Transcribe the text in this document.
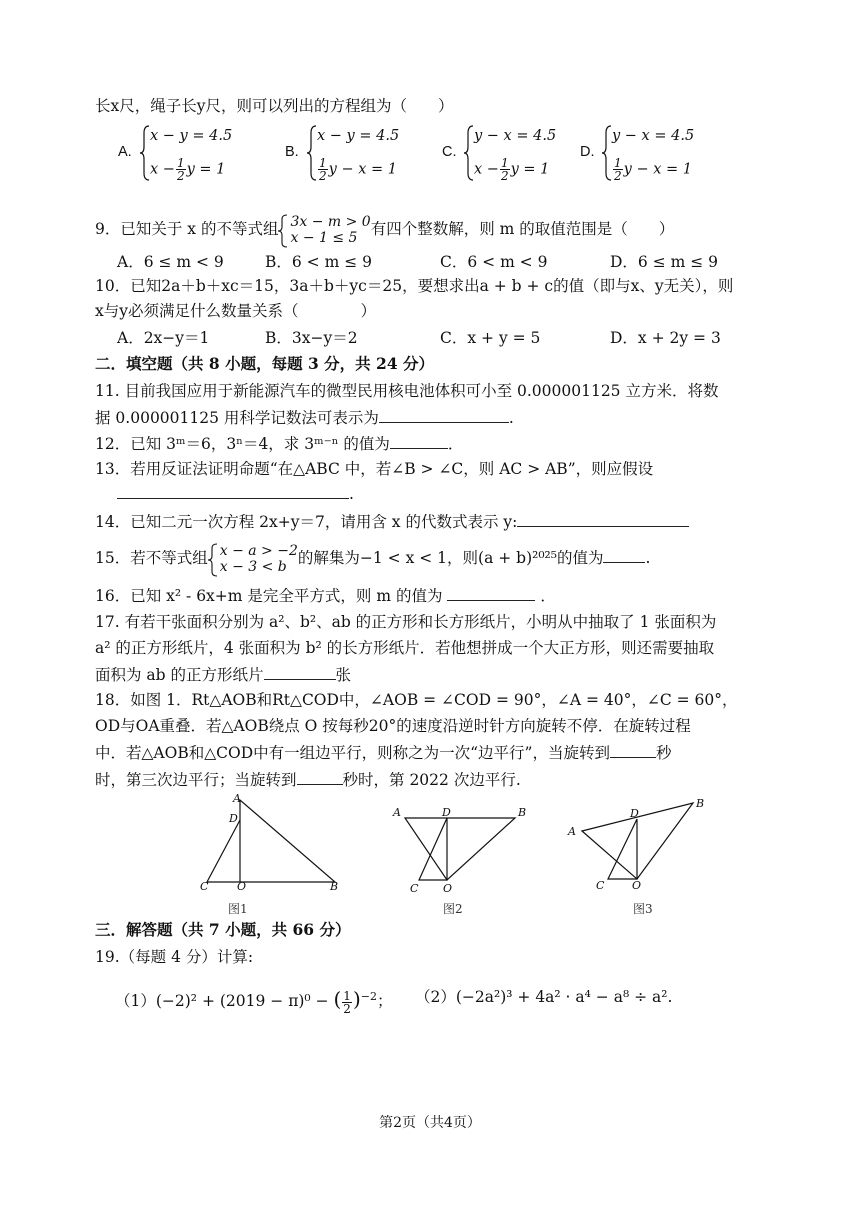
长x尺，绳子长y尺，则可以列出的方程组为（　　）
A.
x − y = 4.5
$x - \frac{1}{2}$ y = 1
B.
x − y = 4.5
$\frac{1}{2}$ y − x = 1
C.
y − x = 4.5
$x - \frac{1}{2}$ y = 1
D.
y − x = 4.5
$\frac{1}{2}$ y − x = 1
9．已知关于 x 的不等式组 3x − m > 0
x − 1 ≤ 5 有四个整数解，则 m 的取值范围是（　　）
A．6 ≤ m < 9	B．6 < m ≤ 9	C．6 < m < 9	D．6 ≤ m ≤ 9
10．已知2a＋b＋xc＝15，3a＋b＋yc＝25，要想求出a + b + c的值（即与x、y无关），则
x与y必须满足什么数量关系（　　　　）
A．2x−y＝1	B．3x−y＝2	C．x + y = 5	D．x + 2y = 3
二．填空题（共 8 小题，每题 3 分，共 24 分）
11. 目前我国应用于新能源汽车的微型民用核电池体积可小至 0.000001125 立方米．将数
据 0.000001125 用科学记数法可表示为	.
12．已知 3ᵐ＝6，3ⁿ＝4，求 3ᵐ⁻ⁿ 的值为	．
13．若用反证法证明命题“在△ABC 中，若∠B > ∠C，则 AC > AB”，则应假设
.
14．已知二元一次方程 2x+y＝7，请用含 x 的代数式表示 y:
15．若不等式组 x − a > −2
x − 3 < b 的解集为−1 < x < 1，则(a + b)²⁰²⁵的值为	.
16．已知 x² - 6x+m 是完全平方式，则 m 的值为	．
17. 有若干张面积分别为 a²、b²、ab 的正方形和长方形纸片，小明从中抽取了 1 张面积为
a² 的正方形纸片，4 张面积为 b² 的长方形纸片．若他想拼成一个大正方形，则还需要抽取
面积为 ab 的正方形纸片	张
18．如图 1．Rt△AOB和Rt△COD中，∠AOB = ∠COD = 90°，∠A = 40°，∠C = 60°，
OD与OA重叠．若△AOB绕点 O 按每秒20°的速度沿逆时针方向旋转不停．在旋转过程
中．若△AOB和△COD中有一组边平行，则称之为一次“边平行”，当旋转到	秒
时，第三次边平行；当旋转到	秒时，第 2022 次边平行.
A
D
C	O	B
图1
A	D	B
C O
图2
A
D
B
C	O
图3
三．解答题（共 7 小题，共 66 分）
19.（每题 4 分）计算:
（1）(−2)² + (2019 − π)⁰ − ( $\frac{1}{2} )^{-2}$； （2）(−2a²)³ + 4a² · a⁴ − a⁸ ÷ a².
第2页（共4页）
